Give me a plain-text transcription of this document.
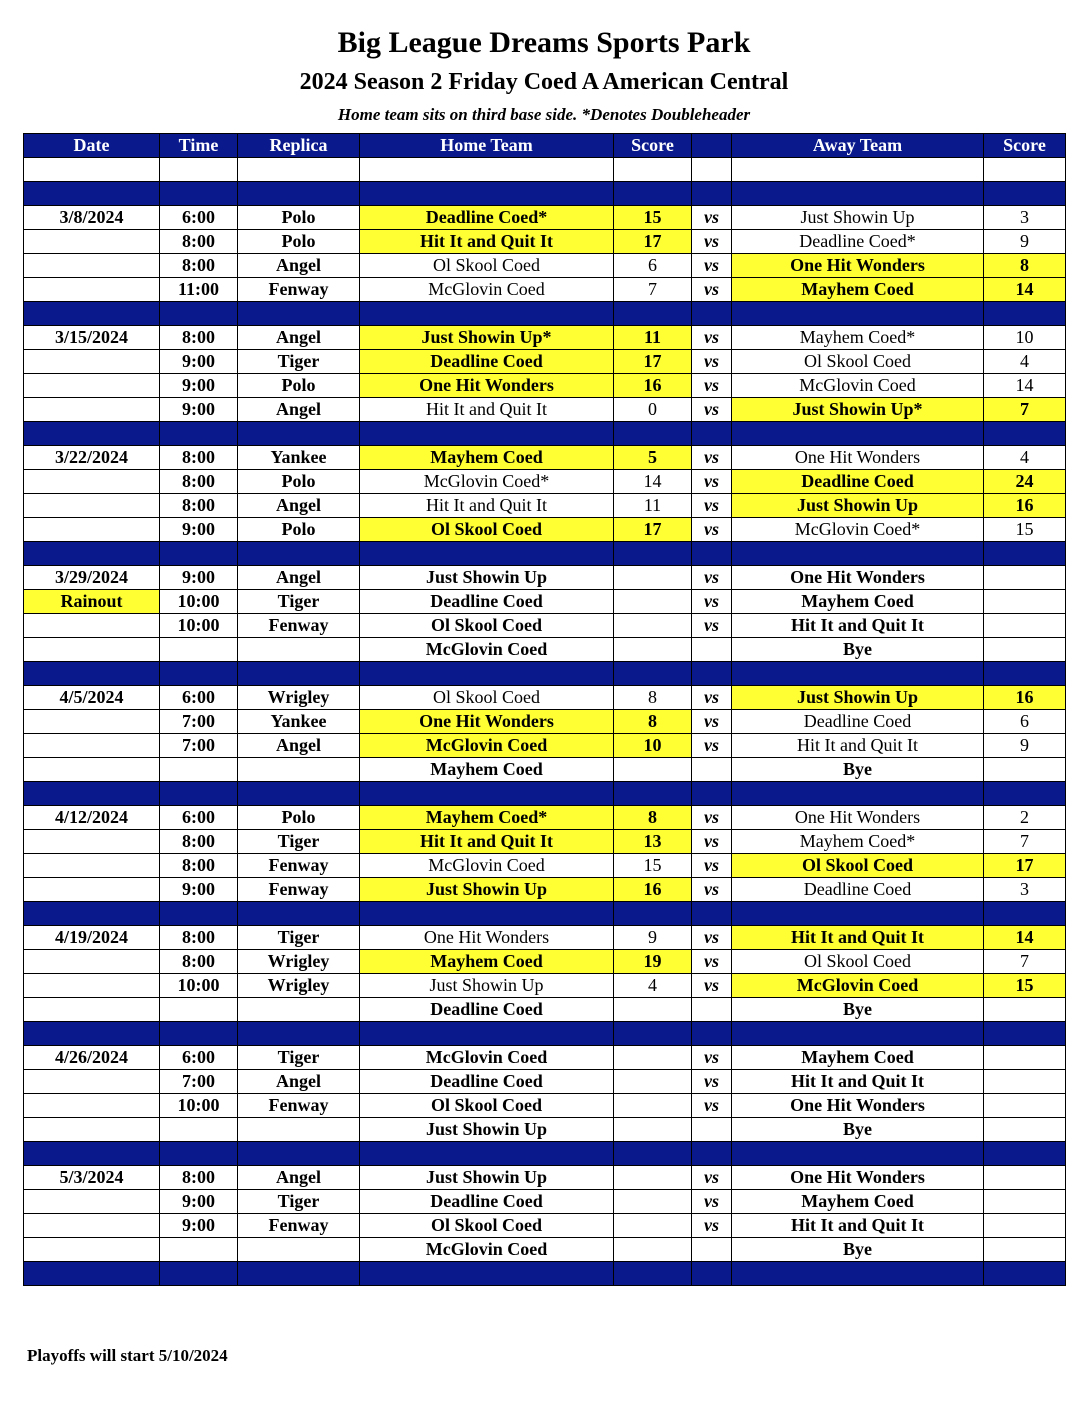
Big League Dreams Sports Park
2024 Season 2 Friday Coed A American Central
Home team sits on third base side. *Denotes Doubleheader
Date	Time	Replica	Home Team	Score		Away Team	Score

3/8/2024	6:00	Polo	Deadline Coed*	15	vs	Just Showin Up	3
	8:00	Polo	Hit It and Quit It	17	vs	Deadline Coed*	9
	8:00	Angel	Ol Skool Coed	6	vs	One Hit Wonders	8
	11:00	Fenway	McGlovin Coed	7	vs	Mayhem Coed	14

3/15/2024	8:00	Angel	Just Showin Up*	11	vs	Mayhem Coed*	10
	9:00	Tiger	Deadline Coed	17	vs	Ol Skool Coed	4
	9:00	Polo	One Hit Wonders	16	vs	McGlovin Coed	14
	9:00	Angel	Hit It and Quit It	0	vs	Just Showin Up*	7

3/22/2024	8:00	Yankee	Mayhem Coed	5	vs	One Hit Wonders	4
	8:00	Polo	McGlovin Coed*	14	vs	Deadline Coed	24
	8:00	Angel	Hit It and Quit It	11	vs	Just Showin Up	16
	9:00	Polo	Ol Skool Coed	17	vs	McGlovin Coed*	15

3/29/2024	9:00	Angel	Just Showin Up		vs	One Hit Wonders	
Rainout	10:00	Tiger	Deadline Coed		vs	Mayhem Coed	
	10:00	Fenway	Ol Skool Coed		vs	Hit It and Quit It	
			McGlovin Coed			Bye	

4/5/2024	6:00	Wrigley	Ol Skool Coed	8	vs	Just Showin Up	16
	7:00	Yankee	One Hit Wonders	8	vs	Deadline Coed	6
	7:00	Angel	McGlovin Coed	10	vs	Hit It and Quit It	9
			Mayhem Coed			Bye	

4/12/2024	6:00	Polo	Mayhem Coed*	8	vs	One Hit Wonders	2
	8:00	Tiger	Hit It and Quit It	13	vs	Mayhem Coed*	7
	8:00	Fenway	McGlovin Coed	15	vs	Ol Skool Coed	17
	9:00	Fenway	Just Showin Up	16	vs	Deadline Coed	3

4/19/2024	8:00	Tiger	One Hit Wonders	9	vs	Hit It and Quit It	14
	8:00	Wrigley	Mayhem Coed	19	vs	Ol Skool Coed	7
	10:00	Wrigley	Just Showin Up	4	vs	McGlovin Coed	15
			Deadline Coed			Bye	

4/26/2024	6:00	Tiger	McGlovin Coed		vs	Mayhem Coed	
	7:00	Angel	Deadline Coed		vs	Hit It and Quit It	
	10:00	Fenway	Ol Skool Coed		vs	One Hit Wonders	
			Just Showin Up			Bye	

5/3/2024	8:00	Angel	Just Showin Up		vs	One Hit Wonders	
	9:00	Tiger	Deadline Coed		vs	Mayhem Coed	
	9:00	Fenway	Ol Skool Coed		vs	Hit It and Quit It	
			McGlovin Coed			Bye	

Playoffs will start 5/10/2024
